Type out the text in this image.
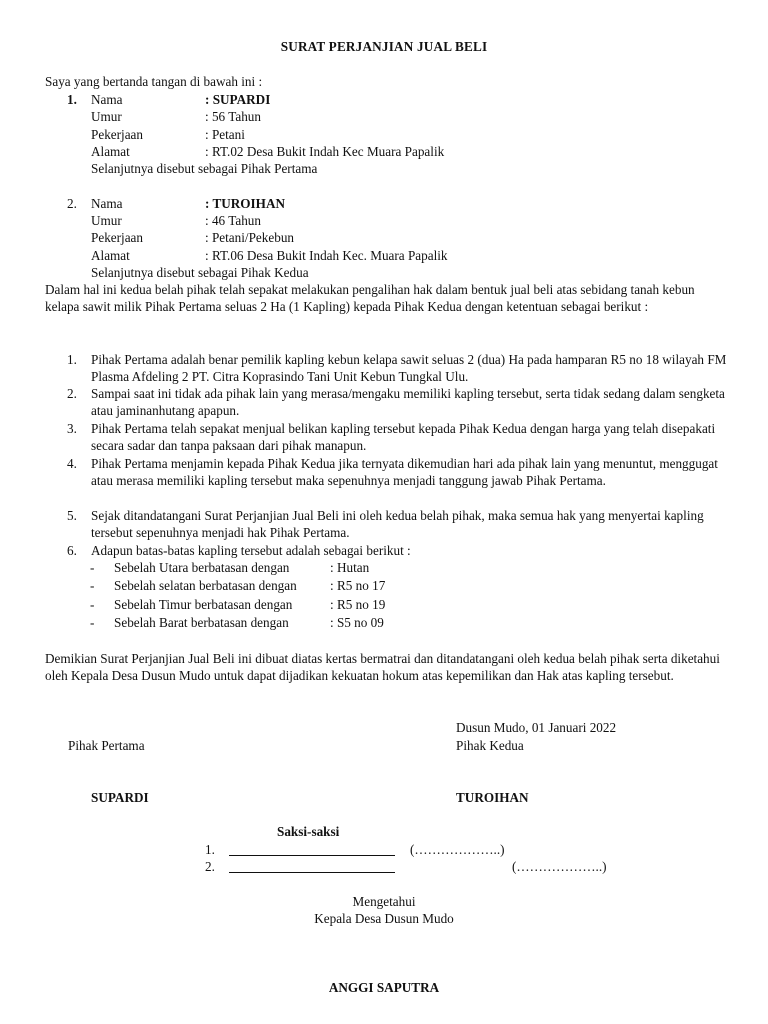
SURAT PERJANJIAN JUAL BELI
Saya yang bertanda tangan di bawah ini :
1. Nama	: SUPARDI
Umur	: 56 Tahun
Pekerjaan	: Petani
Alamat	: RT.02 Desa Bukit Indah Kec Muara Papalik
Selanjutnya disebut sebagai Pihak Pertama
2. Nama	: TUROIHAN
Umur	: 46 Tahun
Pekerjaan	: Petani/Pekebun
Alamat	: RT.06 Desa Bukit Indah Kec. Muara Papalik
Selanjutnya disebut sebagai Pihak Kedua
Dalam hal ini kedua belah pihak telah sepakat melakukan pengalihan hak dalam bentuk jual beli atas sebidang tanah kebun kelapa sawit milik Pihak Pertama seluas 2 Ha (1 Kapling) kepada Pihak Kedua dengan ketentuan sebagai berikut :
1. Pihak Pertama adalah benar pemilik kapling kebun kelapa sawit seluas 2 (dua) Ha pada hamparan R5 no 18 wilayah FM Plasma Afdeling 2 PT. Citra Koprasindo Tani Unit Kebun Tungkal Ulu.
2. Sampai saat ini tidak ada pihak lain yang merasa/mengaku memiliki kapling tersebut, serta tidak sedang dalam sengketa atau jaminanhutang apapun.
3. Pihak Pertama telah sepakat menjual belikan kapling tersebut kepada Pihak Kedua dengan harga yang telah disepakati secara sadar dan tanpa paksaan dari pihak manapun.
4. Pihak Pertama menjamin kepada Pihak Kedua jika ternyata dikemudian hari ada pihak lain yang menuntut, menggugat atau merasa memiliki kapling tersebut maka sepenuhnya menjadi tanggung jawab Pihak Pertama.
5. Sejak ditandatangani Surat Perjanjian Jual Beli ini oleh kedua belah pihak, maka semua hak yang menyertai kapling tersebut sepenuhnya menjadi hak Pihak Pertama.
6. Adapun batas-batas kapling tersebut adalah sebagai berikut :
- Sebelah Utara berbatasan dengan	: Hutan
- Sebelah selatan berbatasan dengan	: R5 no 17
- Sebelah Timur berbatasan dengan	: R5 no 19
- Sebelah Barat berbatasan dengan	: S5 no 09
Demikian Surat Perjanjian Jual Beli ini dibuat diatas kertas bermatrai dan ditandatangani oleh kedua belah pihak serta diketahui oleh Kepala Desa Dusun Mudo untuk dapat dijadikan kekuatan hokum atas kepemilikan dan Hak atas kapling tersebut.
Dusun Mudo, 01 Januari 2022
Pihak Pertama	Pihak Kedua
SUPARDI	TUROIHAN
Saksi-saksi
1.	(………………..)
2.	(………………..)
Mengetahui
Kepala Desa Dusun Mudo
ANGGI SAPUTRA
